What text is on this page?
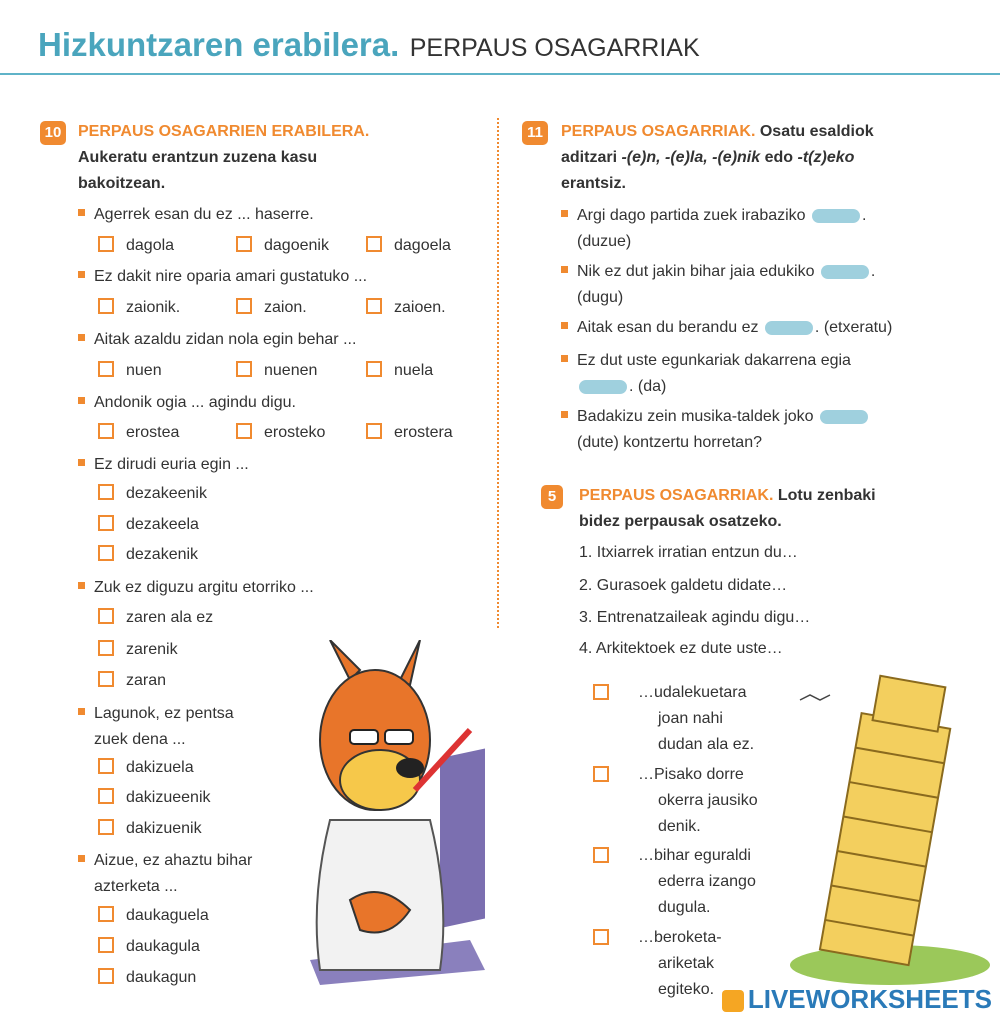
Hizkuntzaren erabilera. PERPAUS OSAGARRIAK
10 PERPAUS OSAGARRIEN ERABILERA.
Aukeratu erantzun zuzena kasu
bakoitzean.
Agerrek esan du ez ... haserre.
dagola	dagoenik	dagoela
Ez dakit nire oparia amari gustatuko ...
zaionik.	zaion.	zaioen.
Aitak azaldu zidan nola egin behar ...
nuen	nuenen	nuela
Andonik ogia ... agindu digu.
erostea	erosteko	erostera
Ez dirudi euria egin ...
dezakeenik
dezakeela
dezakenik
Zuk ez diguzu argitu etorriko ...
zaren ala ez
zarenik
zaran
Lagunok, ez pentsa
zuek dena ...
dakizuela
dakizueenik
dakizuenik
Aizue, ez ahaztu bihar
azterketa ...
daukaguela
daukagula
daukagun
11	PERPAUS OSAGARRIAK. Osatu esaldiok
aditzari -(e)n, -(e)la, -(e)nik edo -t(z)eko
erantsiz.
Argi dago partida zuek irabaziko	.
(duzue)
Nik ez dut jakin bihar jaia edukiko	.
(dugu)
Aitak esan du berandu ez	. (etxeratu)
Ez dut uste egunkariak dakarrena egia
. (da)
Badakizu zein musika-taldek joko
(dute) kontzertu horretan?
5	PERPAUS OSAGARRIAK. Lotu zenbaki
bidez perpausak osatzeko.
1. Itxiarrek irratian entzun du…
2. Gurasoek galdetu didate…
3. Entrenatzaileak agindu digu…
4. Arkitektoek ez dute uste…
…udalekuetara
joan nahi
dudan ala ez.
…Pisako dorre
okerra jausiko
denik.
…bihar eguraldi
ederra izango
dugula.
…beroketa-
ariketak
egiteko.	LIVEWORKSHEETS
